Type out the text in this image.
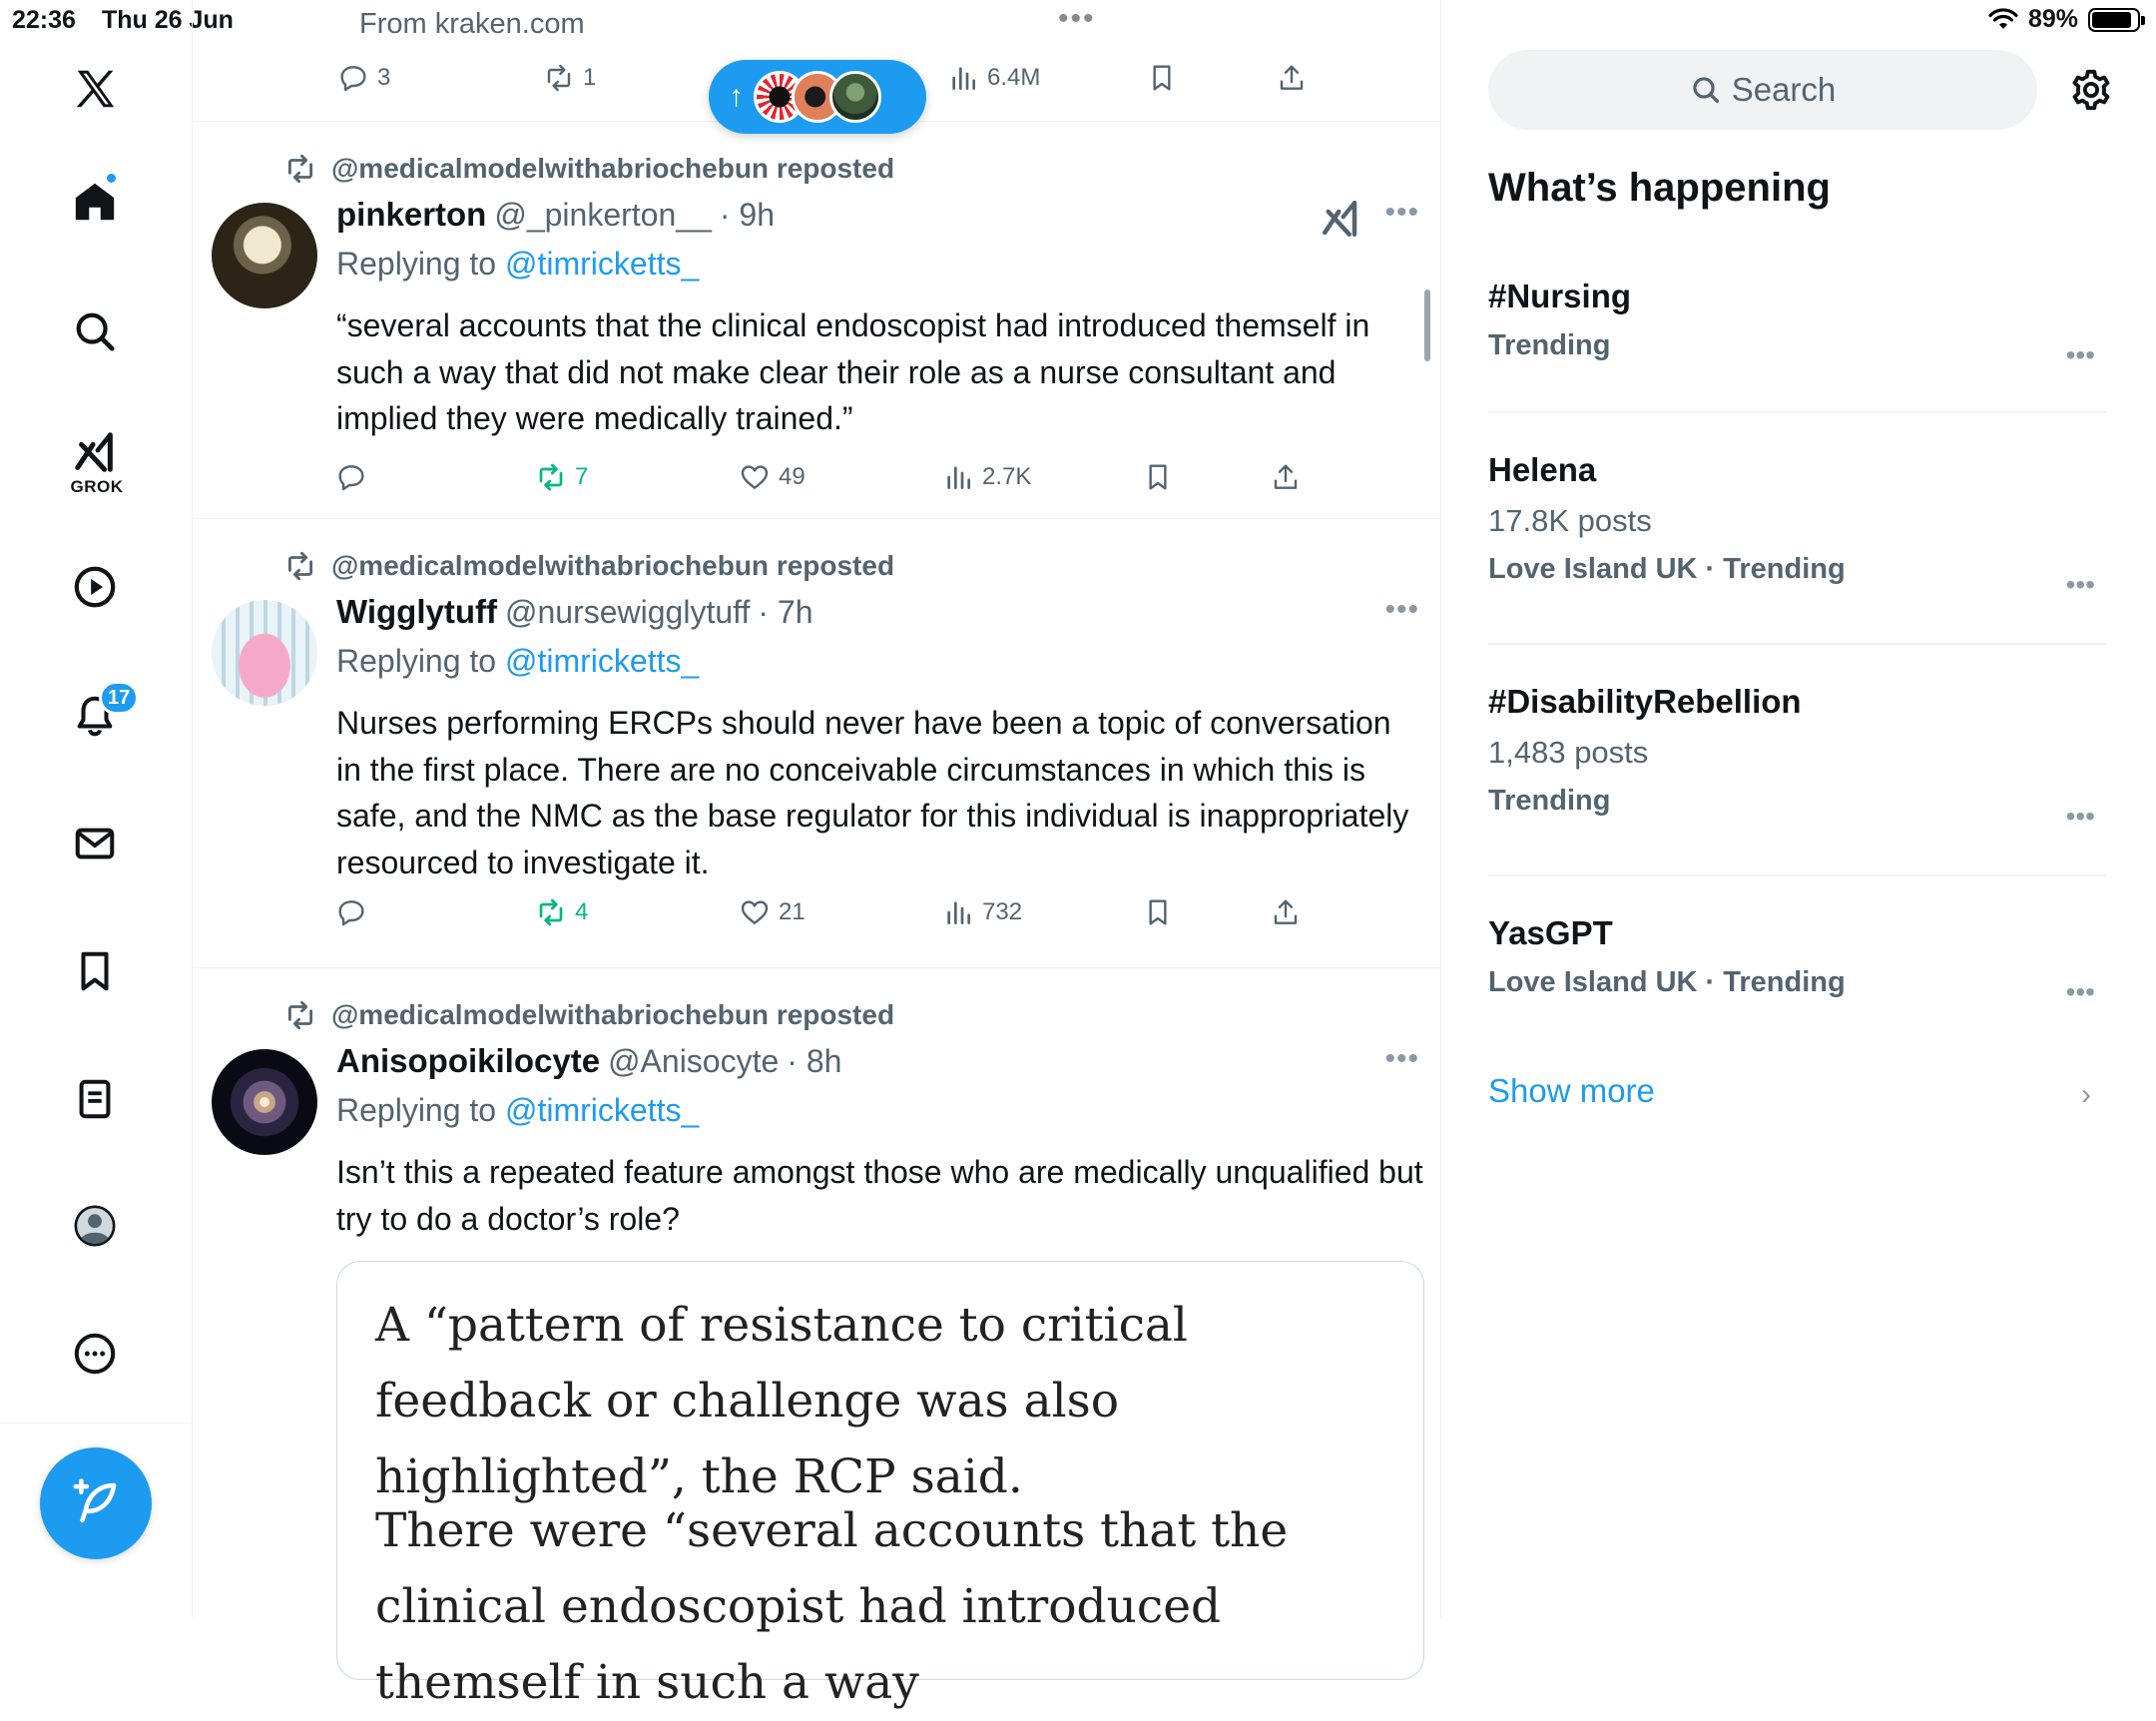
22:36 Thu 26 Jun	•••	89%
GROK
17
From kraken.com
3	1	6.4M
↑
@medicalmodelwithabriochebun reposted
pinkerton @_pinkerton__ · 9h	•••
Replying to @timricketts_
“several accounts that the clinical endoscopist had introduced themself in such a way that did not make clear their role as a nurse consultant and implied they were medically trained.”
7	49	2.7K
@medicalmodelwithabriochebun reposted
Wigglytuff @nursewigglytuff · 7h	•••
Replying to @timricketts_
Nurses performing ERCPs should never have been a topic of conversation in the first place. There are no conceivable circumstances in which this is safe, and the NMC as the base regulator for this individual is inappropriately resourced to investigate it.
4	21	732
@medicalmodelwithabriochebun reposted
Anisopoikilocyte @Anisocyte · 8h	•••
Replying to @timricketts_
Isn’t this a repeated feature amongst those who are medically unqualified but try to do a doctor’s role?

A “pattern of resistance to critical feedback or challenge was also highlighted”, the RCP said.

There were “several accounts that the clinical endoscopist had introduced themself in such a way

Search
What’s happening
#Nursing
Trending	•••
Helena
17.8K posts
Love Island UK · Trending	•••
#DisabilityRebellion
1,483 posts
Trending	•••
YasGPT
Love Island UK · Trending	•••
Show more	›
